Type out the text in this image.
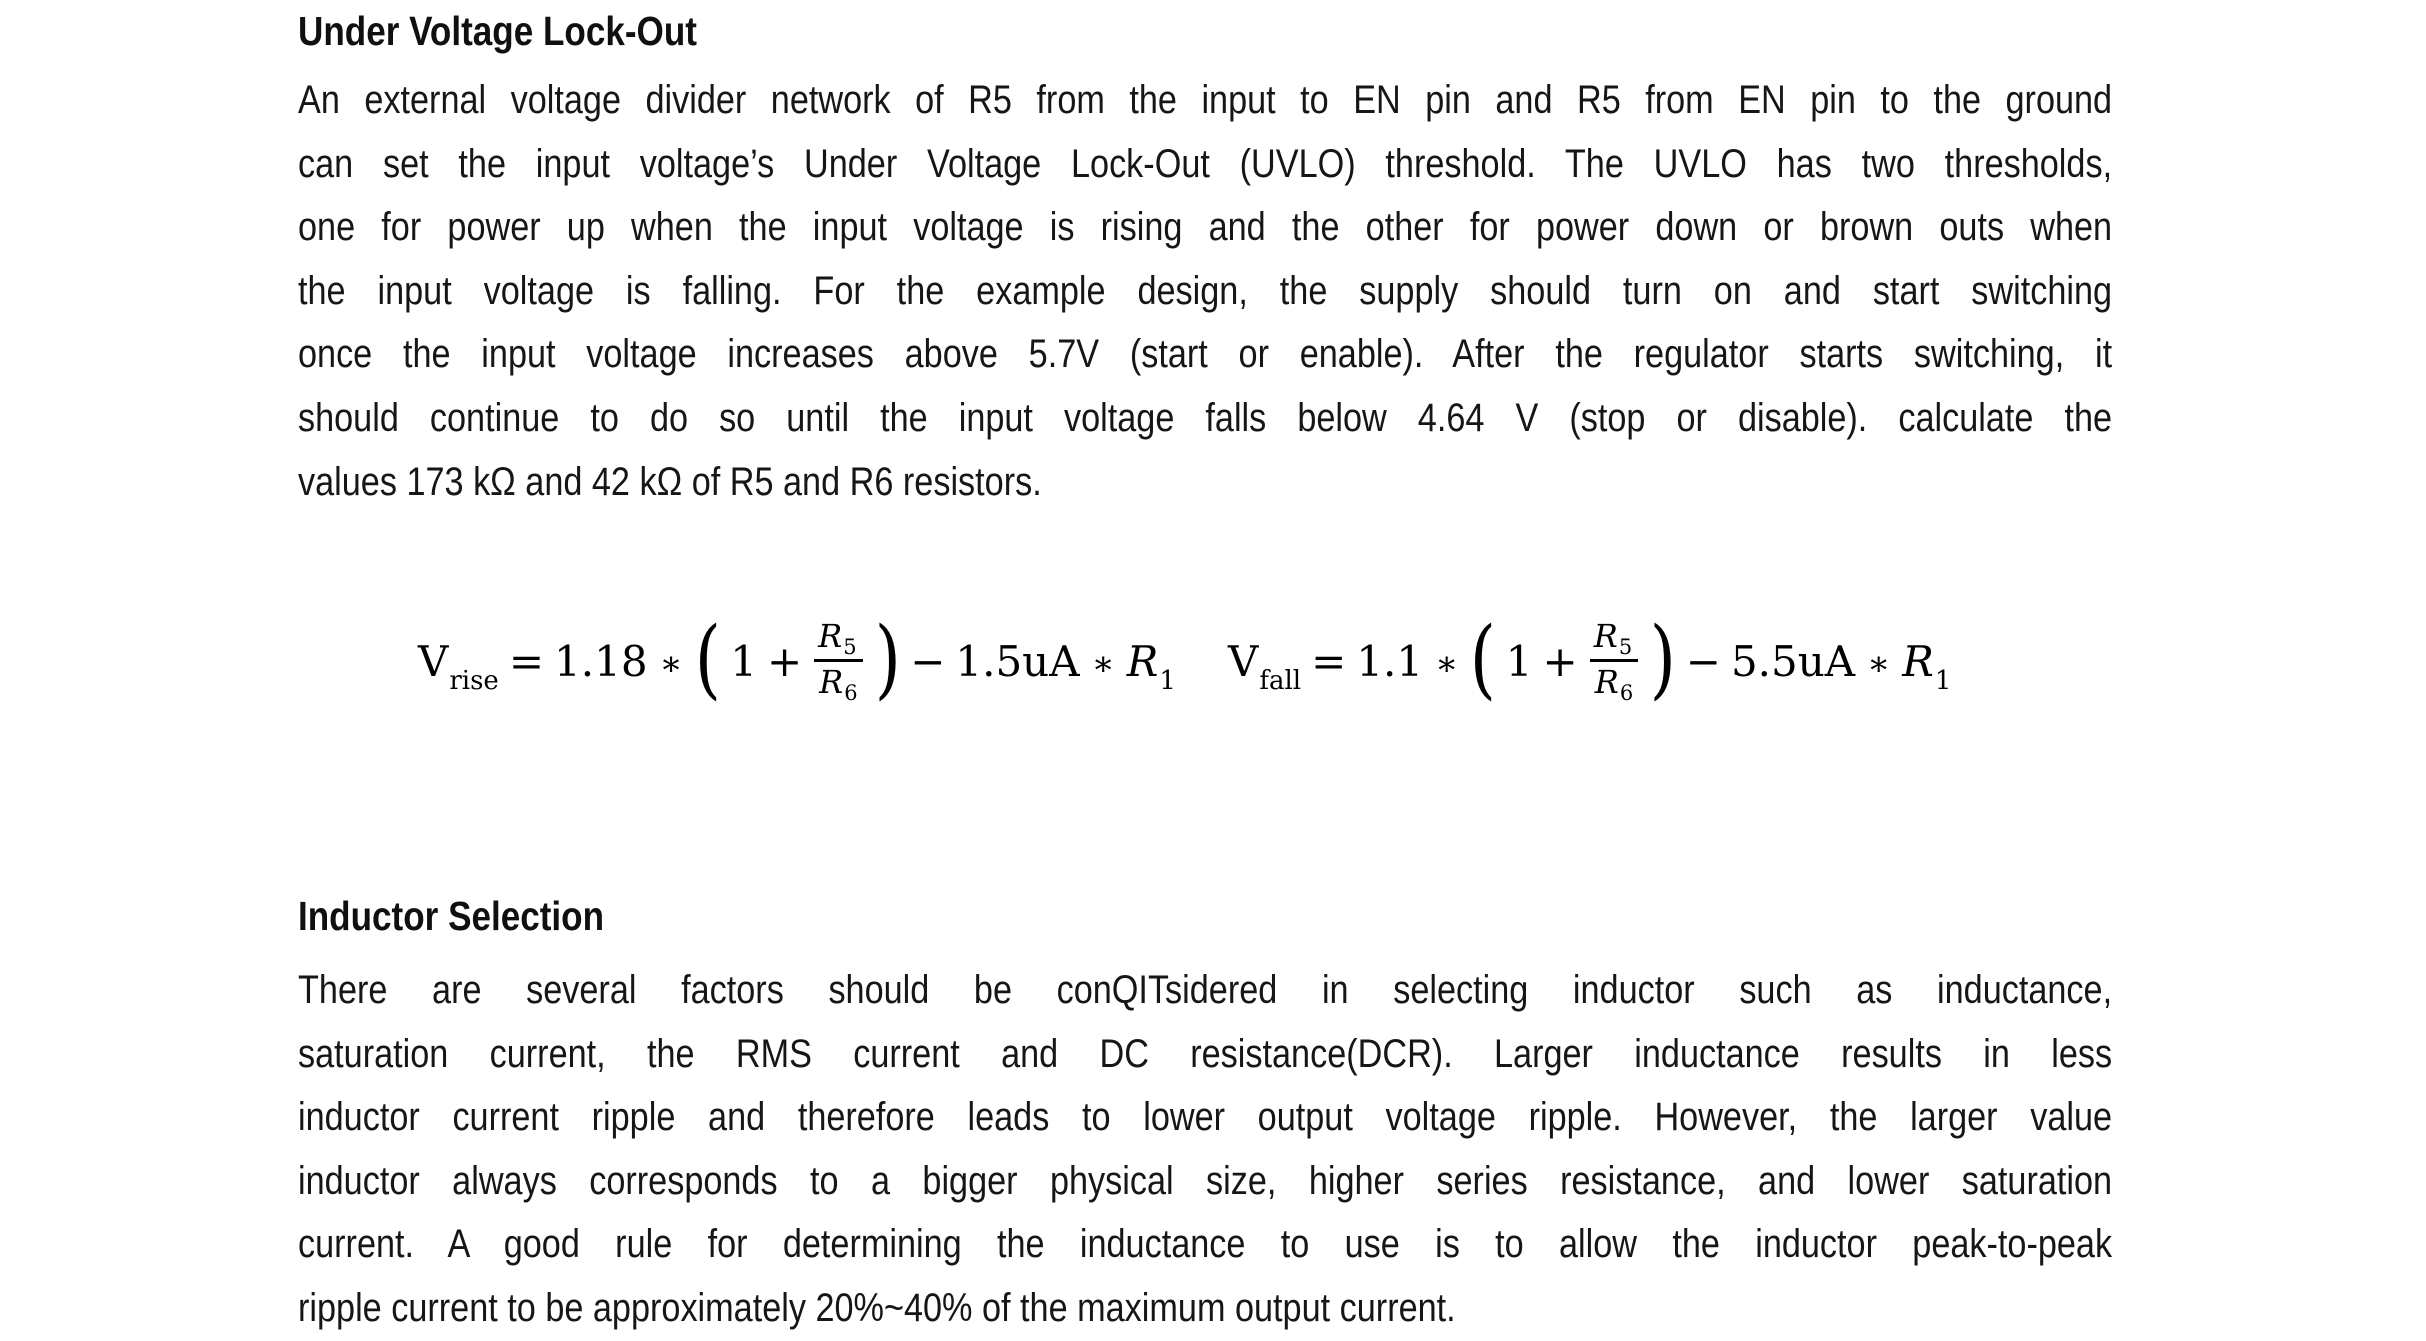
Under Voltage Lock-Out
An external voltage divider network of R5 from the input to EN pin and R5 from EN pin to the ground
can set the input voltage’s Under Voltage Lock-Out (UVLO) threshold. The UVLO has two thresholds,
one for power up when the input voltage is rising and the other for power down or brown outs when
the input voltage is falling. For the example design, the supply should turn on and start switching
once the input voltage increases above 5.7V (start or enable). After the regulator starts switching, it
should continue to do so until the input voltage falls below 4.64 V (stop or disable). calculate the
values 173 kΩ and 42 kΩ of R5 and R6 resistors.
Inductor Selection
There are several factors should be conQITsidered in selecting inductor such as inductance,
saturation current, the RMS current and DC resistance(DCR). Larger inductance results in less
inductor current ripple and therefore leads to lower output voltage ripple. However, the larger value
inductor always corresponds to a bigger physical size, higher series resistance, and lower saturation
current. A good rule for determining the inductance to use is to allow the inductor peak-to-peak
ripple current to be approximately 20%~40% of the maximum output current.
$V_{rise} = 1.18$ ∗ ( $1 + \frac{R_5}{R_6}$ ) − 1.5uA ∗ $R_1$ $V_{fall} = 1.1$ ∗ ( $1 + \frac{R_5}{R_6}$ ) − 5.5uA ∗ $R_1$
